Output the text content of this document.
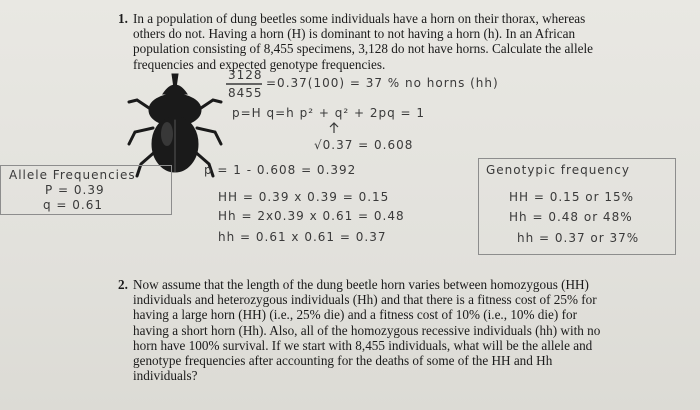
1. In a population of dung beetles some individuals have a horn on their thorax, whereas
others do not. Having a horn (H) is dominant to not having a horn (h). In an African
population consisting of 8,455 specimens, 3,128 do not have horns. Calculate the allele
frequencies and expected genotype frequencies.
3128
8455
=0.37(100) = 37 % no horns (hh)
p=H q=h p² + q² + 2pq = 1
√0.37 = 0.608
Allele Frequencies
P = 0.39
q = 0.61
p = 1 - 0.608 = 0.392
HH = 0.39 x 0.39 = 0.15
Hh = 2x0.39 x 0.61 = 0.48
hh = 0.61 x 0.61 = 0.37
Genotypic frequency
HH = 0.15 or 15%
Hh = 0.48 or 48%
hh = 0.37 or 37%
2. Now assume that the length of the dung beetle horn varies between homozygous (HH)
individuals and heterozygous individuals (Hh) and that there is a fitness cost of 25% for
having a large horn (HH) (i.e., 25% die) and a fitness cost of 10% (i.e., 10% die) for
having a short horn (Hh). Also, all of the homozygous recessive individuals (hh) with no
horn have 100% survival. If we start with 8,455 individuals, what will be the allele and
genotype frequencies after accounting for the deaths of some of the HH and Hh
individuals?
